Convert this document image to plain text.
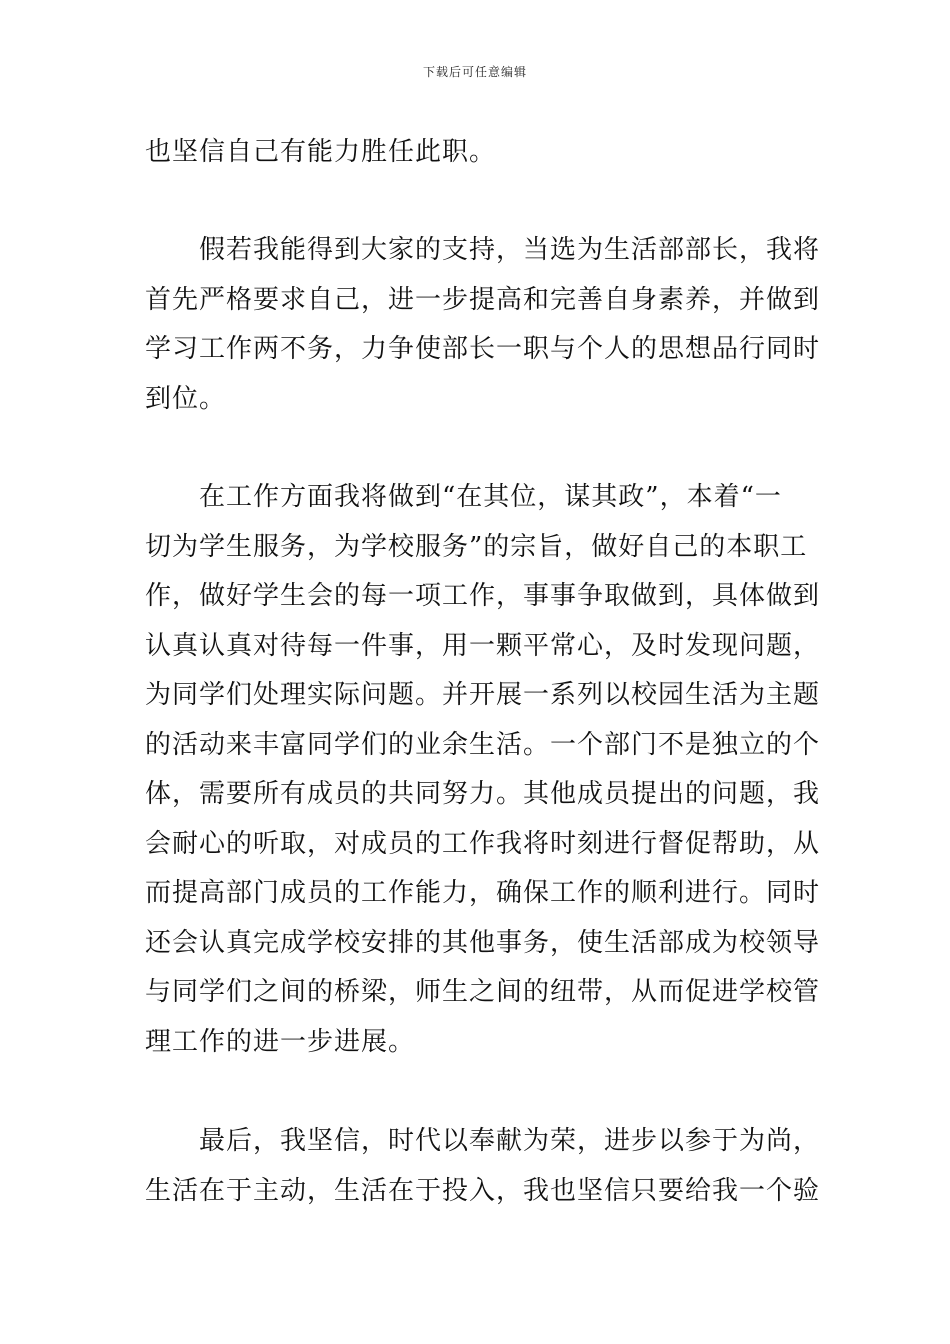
下载后可任意编辑

也坚信自己有能力胜任此职。

假若我能得到大家的支持，当选为生活部部长，我将
首先严格要求自己，进一步提高和完善自身素养，并做到
学习工作两不务，力争使部长一职与个人的思想品行同时
到位。

在工作方面我将做到“在其位，谋其政”，本着“一
切为学生服务，为学校服务”的宗旨，做好自己的本职工
作，做好学生会的每一项工作，事事争取做到，具体做到
认真认真对待每一件事，用一颗平常心，及时发现问题，
为同学们处理实际问题。并开展一系列以校园生活为主题
的活动来丰富同学们的业余生活。一个部门不是独立的个
体，需要所有成员的共同努力。其他成员提出的问题，我
会耐心的听取，对成员的工作我将时刻进行督促帮助，从
而提高部门成员的工作能力，确保工作的顺利进行。同时
还会认真完成学校安排的其他事务，使生活部成为校领导
与同学们之间的桥梁，师生之间的纽带，从而促进学校管
理工作的进一步进展。

最后，我坚信，时代以奉献为荣，进步以参于为尚，
生活在于主动，生活在于投入，我也坚信只要给我一个验
